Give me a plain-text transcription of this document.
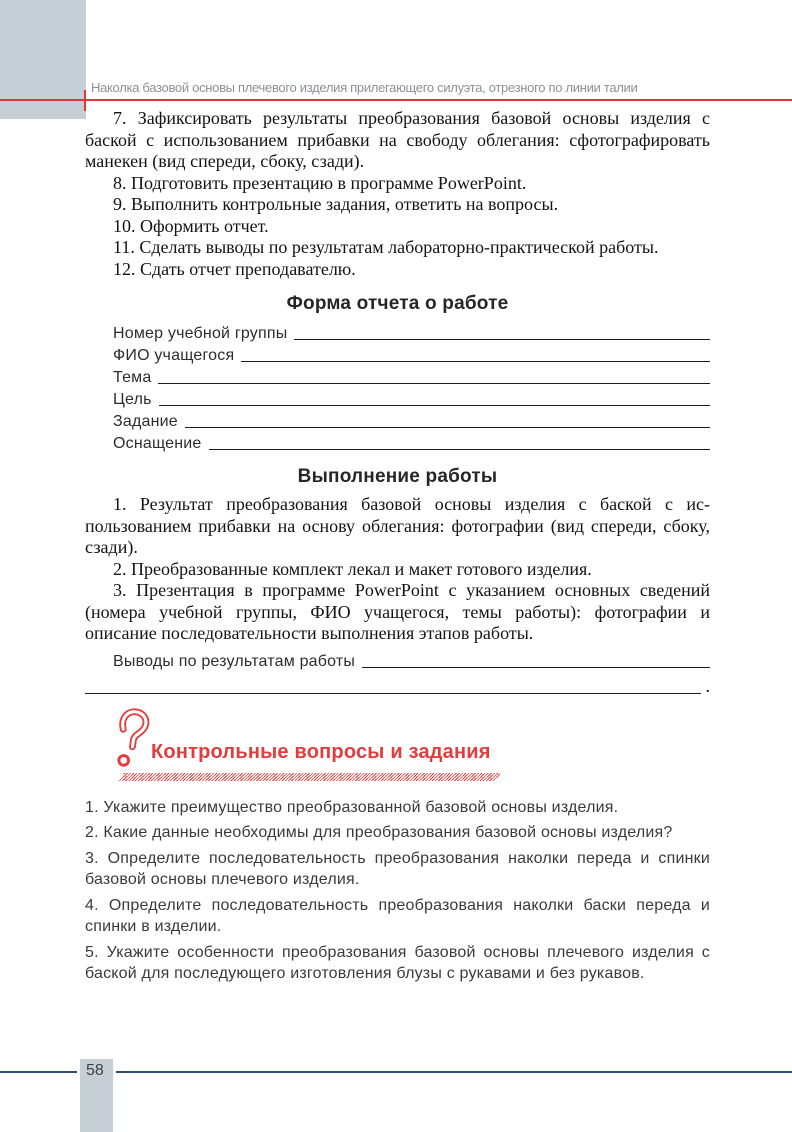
Наколка базовой основы плечевого изделия прилегающего силуэта, отрезного по линии талии

7. Зафиксировать результаты преобразования базовой основы изделия с баской с использованием прибавки на свободу облегания: сфотографировать манекен (вид спереди, сбоку, сзади).

8. Подготовить презентацию в программе PowerPoint.

9. Выполнить контрольные задания, ответить на вопросы.

10. Оформить отчет.

11. Сделать выводы по результатам лабораторно-практической работы.

12. Сдать отчет преподавателю.

Форма отчета о работе
Номер учебной группы
ФИО учащегося
Тема
Цель
Задание
Оснащение
Выполнение работы

1. Результат преобразования базовой основы изделия с баской с использованием прибавки на основу облегания: фотографии (вид спереди, сбоку, сзади).

2. Преобразованные комплект лекал и макет готового изделия.

3. Презентация в программе PowerPoint с указанием основных сведений (номера учебной группы, ФИО учащегося, темы работы): фотографии и описание последовательности выполнения этапов работы.

Выводы по результатам работы
.
Контрольные вопросы и задания

1. Укажите преимущество преобразованной базовой основы изделия.

2. Какие данные необходимы для преобразования базовой основы изделия?

3. Определите последовательность преобразования наколки переда и спинки базовой основы плечевого изделия.

4. Определите последовательность преобразования наколки баски переда и спинки в изделии.

5. Укажите особенности преобразования базовой основы плечевого изделия с баской для последующего изготовления блузы с рукавами и без рукавов.

58
